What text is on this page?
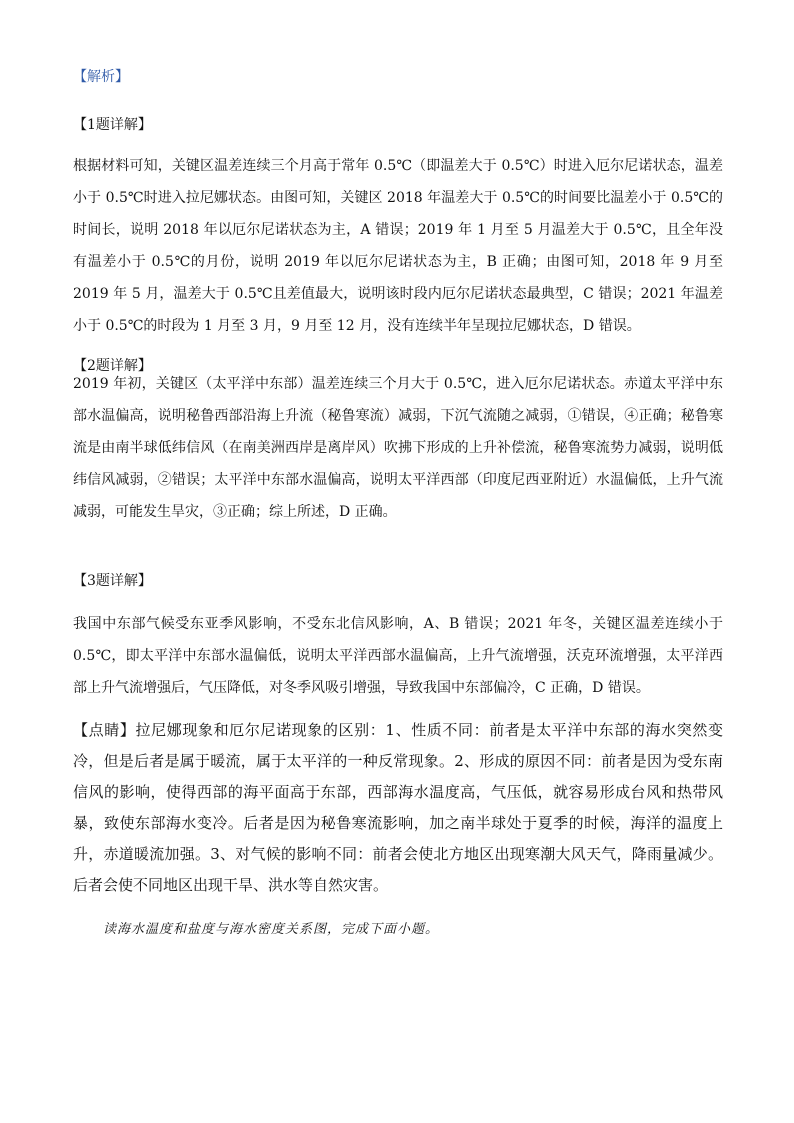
【解析】

【1题详解】

根据材料可知，关键区温差连续三个月高于常年 0.5℃（即温差大于 0.5℃）时进入厄尔尼诺状态，温差小于 0.5℃时进入拉尼娜状态。由图可知，关键区 2018 年温差大于 0.5℃的时间要比温差小于 0.5℃的时间长，说明 2018 年以厄尔尼诺状态为主，A 错误；2019 年 1 月至 5 月温差大于 0.5℃，且全年没有温差小于 0.5℃的月份，说明 2019 年以厄尔尼诺状态为主，B 正确；由图可知，2018 年 9 月至 2019 年 5 月，温差大于 0.5℃且差值最大，说明该时段内厄尔尼诺状态最典型，C 错误；2021 年温差小于 0.5℃的时段为 1 月至 3 月，9 月至 12 月，没有连续半年呈现拉尼娜状态，D 错误。

【2题详解】

2019 年初，关键区（太平洋中东部）温差连续三个月大于 0.5℃，进入厄尔尼诺状态。赤道太平洋中东部水温偏高，说明秘鲁西部沿海上升流（秘鲁寒流）减弱，下沉气流随之减弱，①错误，④正确；秘鲁寒流是由南半球低纬信风（在南美洲西岸是离岸风）吹拂下形成的上升补偿流，秘鲁寒流势力减弱，说明低纬信风减弱，②错误；太平洋中东部水温偏高，说明太平洋西部（印度尼西亚附近）水温偏低，上升气流减弱，可能发生旱灾，③正确；综上所述，D 正确。

【3题详解】

我国中东部气候受东亚季风影响，不受东北信风影响，A、B 错误；2021 年冬，关键区温差连续小于 0.5℃，即太平洋中东部水温偏低，说明太平洋西部水温偏高，上升气流增强，沃克环流增强，太平洋西部上升气流增强后，气压降低，对冬季风吸引增强，导致我国中东部偏冷，C 正确，D 错误。

【点睛】拉尼娜现象和厄尔尼诺现象的区别：1、性质不同：前者是太平洋中东部的海水突然变冷，但是后者是属于暖流，属于太平洋的一种反常现象。2、形成的原因不同：前者是因为受东南信风的影响，使得西部的海平面高于东部，西部海水温度高，气压低，就容易形成台风和热带风暴，致使东部海水变冷。后者是因为秘鲁寒流影响，加之南半球处于夏季的时候，海洋的温度上升，赤道暖流加强。3、对气候的影响不同：前者会使北方地区出现寒潮大风天气，降雨量减少。后者会使不同地区出现干旱、洪水等自然灾害。

读海水温度和盐度与海水密度关系图，完成下面小题。
